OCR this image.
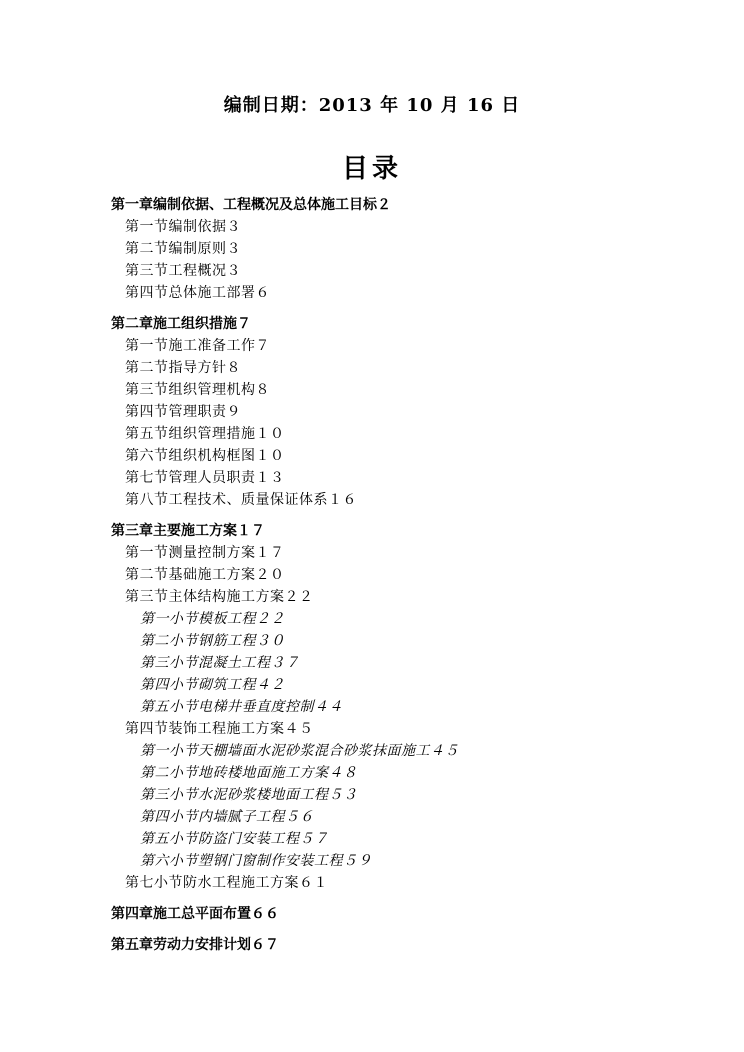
编制日期：2013 年 10 月 16 日
目录
第一章编制依据、工程概况及总体施工目标２
第一节编制依据３
第二节编制原则３
第三节工程概况３
第四节总体施工部署６
第二章施工组织措施７
第一节施工准备工作７
第二节指导方针８
第三节组织管理机构８
第四节管理职责９
第五节组织管理措施１０
第六节组织机构框图１０
第七节管理人员职责１３
第八节工程技术、质量保证体系１６
第三章主要施工方案１７
第一节测量控制方案１７
第二节基础施工方案２０
第三节主体结构施工方案２２
第一小节模板工程２２
第二小节钢筋工程３０
第三小节混凝土工程３７
第四小节砌筑工程４２
第五小节电梯井垂直度控制４４
第四节装饰工程施工方案４５
第一小节天棚墙面水泥砂浆混合砂浆抹面施工４５
第二小节地砖楼地面施工方案４８
第三小节水泥砂浆楼地面工程５３
第四小节内墙腻子工程５６
第五小节防盗门安装工程５７
第六小节塑钢门窗制作安装工程５９
第七小节防水工程施工方案６１
第四章施工总平面布置６６
第五章劳动力安排计划６７
